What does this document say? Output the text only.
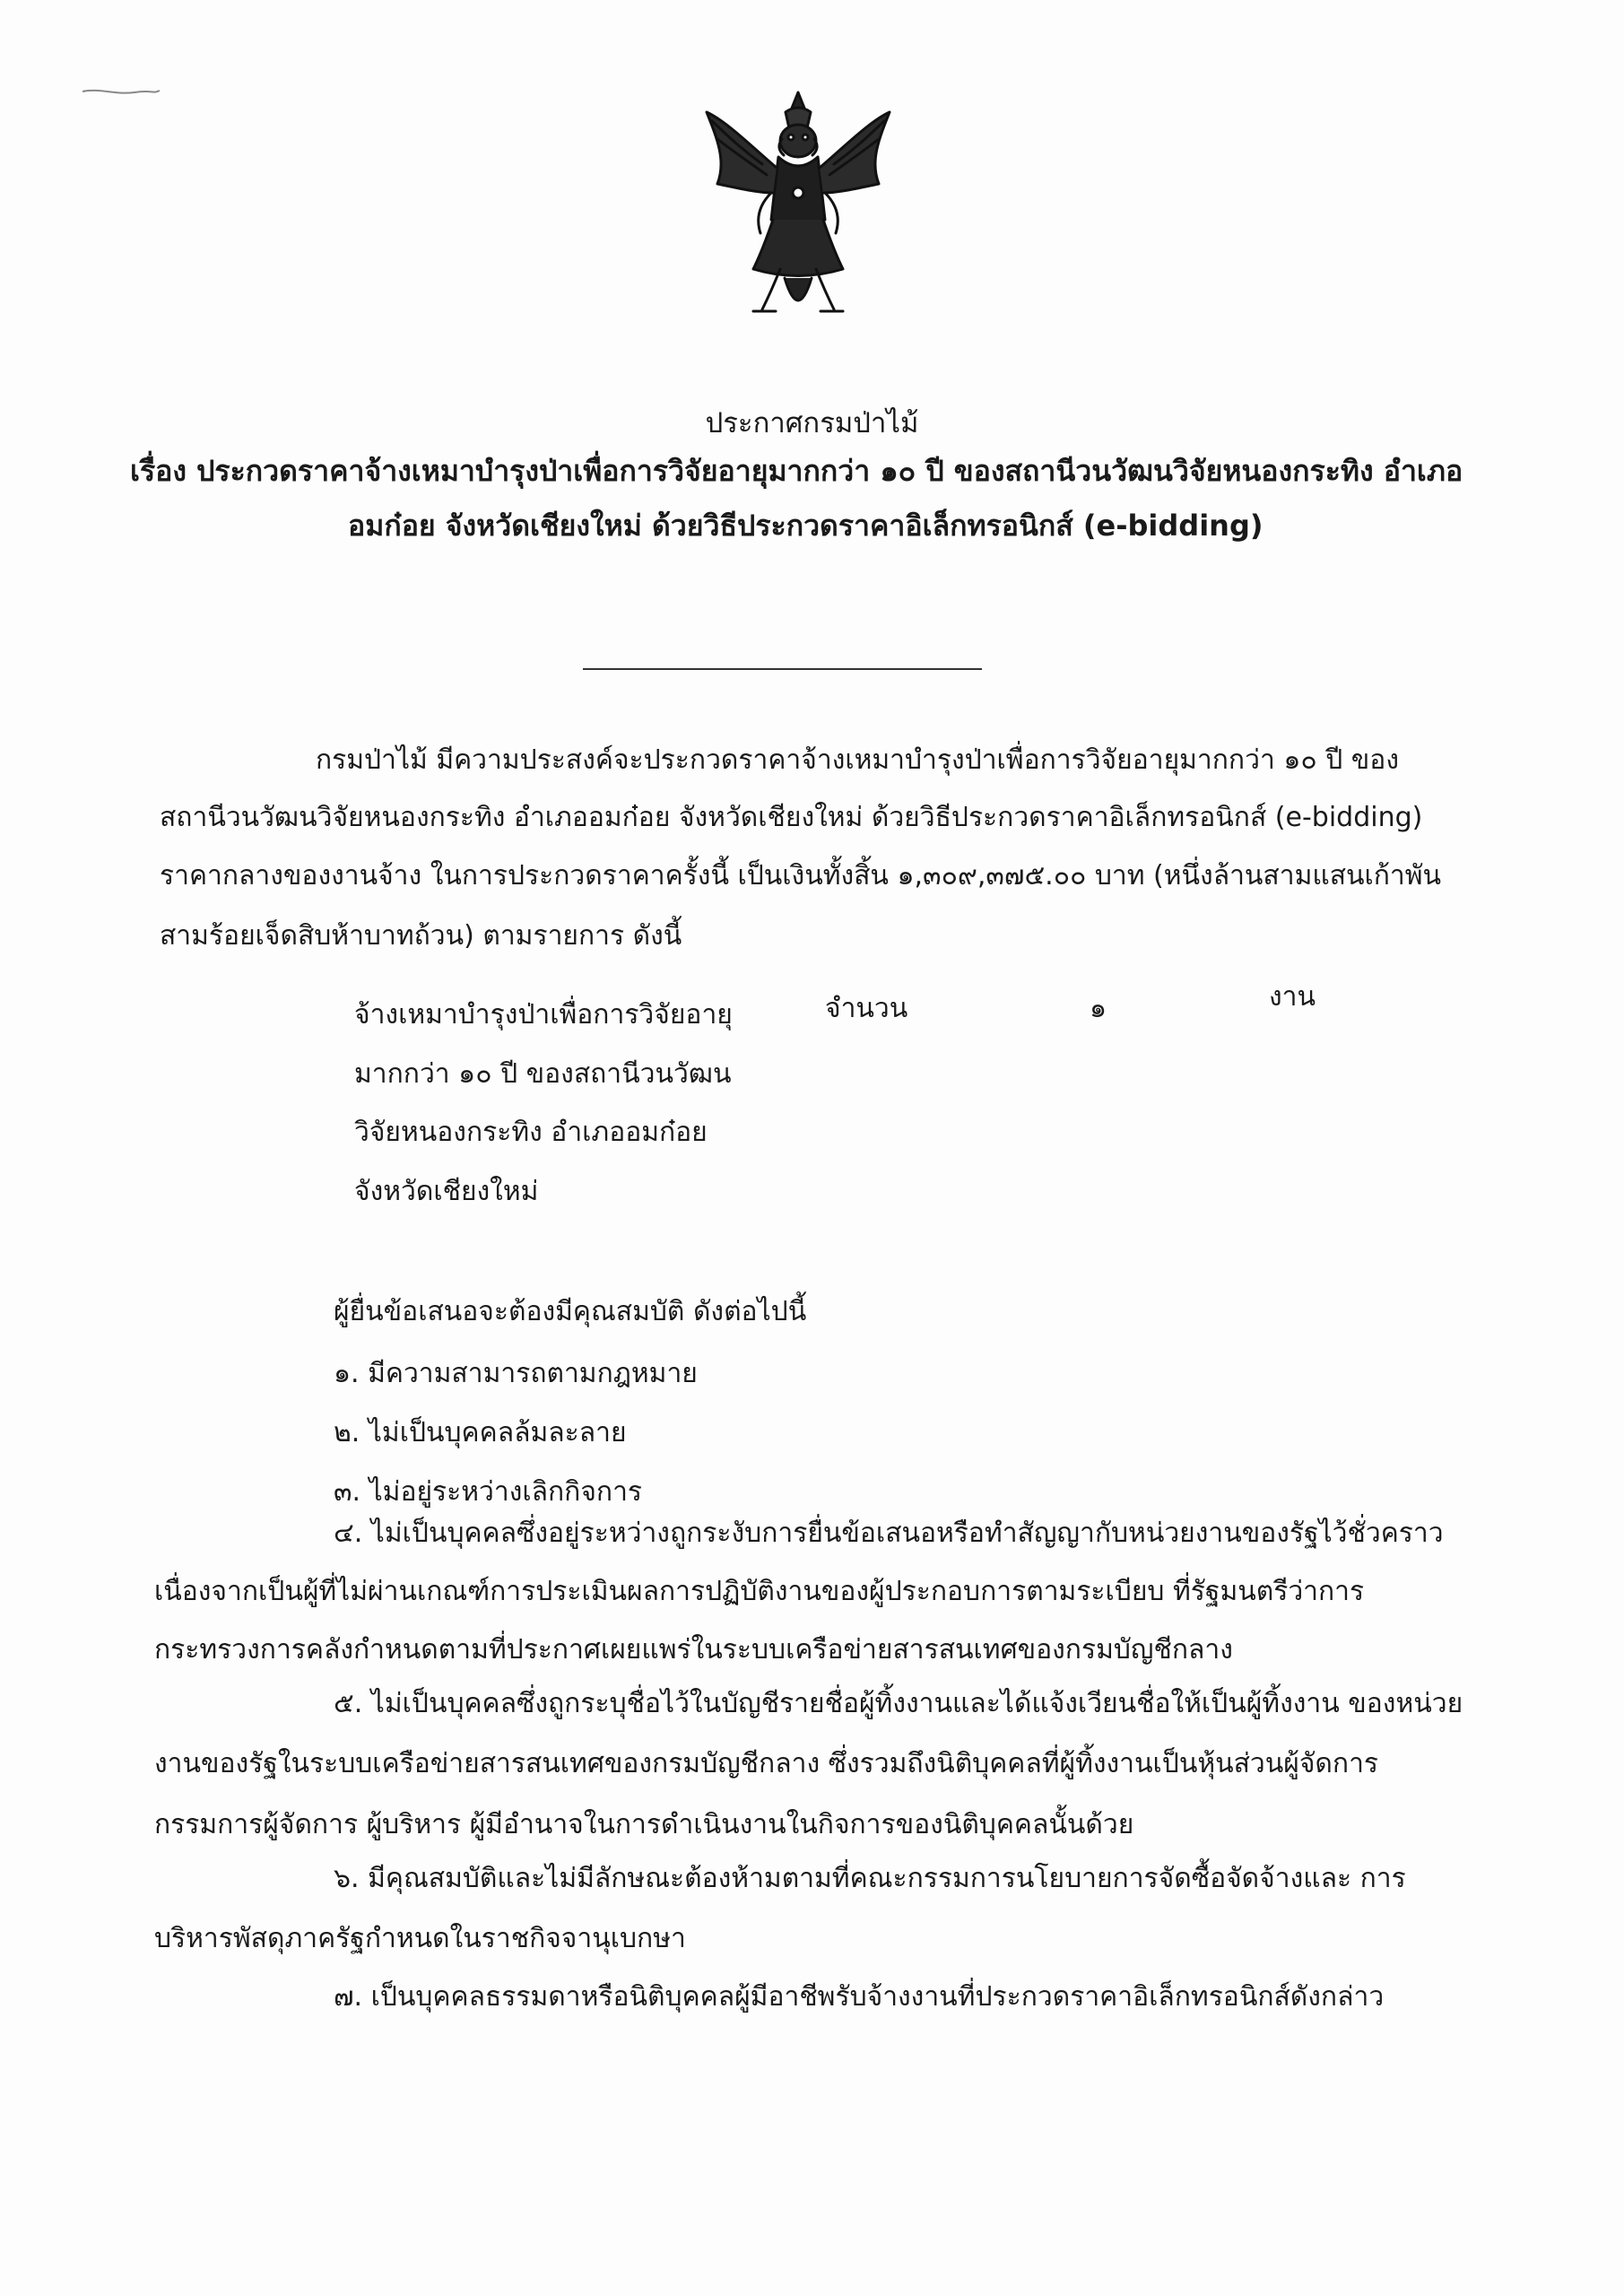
ประกาศกรมป่าไม้
เรื่อง ประกวดราคาจ้างเหมาบำรุงป่าเพื่อการวิจัยอายุมากกว่า ๑๐ ปี ของสถานีวนวัฒนวิจัยหนองกระทิง อำเภอ
อมก๋อย จังหวัดเชียงใหม่ ด้วยวิธีประกวดราคาอิเล็กทรอนิกส์ (e-bidding)
กรมป่าไม้ มีความประสงค์จะประกวดราคาจ้างเหมาบำรุงป่าเพื่อการวิจัยอายุมากกว่า ๑๐ ปี ของ
สถานีวนวัฒนวิจัยหนองกระทิง อำเภออมก๋อย จังหวัดเชียงใหม่ ด้วยวิธีประกวดราคาอิเล็กทรอนิกส์ (e-bidding)
ราคากลางของงานจ้าง ในการประกวดราคาครั้งนี้ เป็นเงินทั้งสิ้น ๑,๓๐๙,๓๗๕.๐๐ บาท (หนึ่งล้านสามแสนเก้าพัน
สามร้อยเจ็ดสิบห้าบาทถ้วน) ตามรายการ ดังนี้
จ้างเหมาบำรุงป่าเพื่อการวิจัยอายุ
มากกว่า ๑๐ ปี ของสถานีวนวัฒน
วิจัยหนองกระทิง อำเภออมก๋อย
จังหวัดเชียงใหม่
จำนวน	๑	งาน
ผู้ยื่นข้อเสนอจะต้องมีคุณสมบัติ ดังต่อไปนี้
๑. มีความสามารถตามกฎหมาย
๒. ไม่เป็นบุคคลล้มละลาย
๓. ไม่อยู่ระหว่างเลิกกิจการ
๔. ไม่เป็นบุคคลซึ่งอยู่ระหว่างถูกระงับการยื่นข้อเสนอหรือทำสัญญากับหน่วยงานของรัฐไว้ชั่วคราว
เนื่องจากเป็นผู้ที่ไม่ผ่านเกณฑ์การประเมินผลการปฏิบัติงานของผู้ประกอบการตามระเบียบ ที่รัฐมนตรีว่าการ
กระทรวงการคลังกำหนดตามที่ประกาศเผยแพร่ในระบบเครือข่ายสารสนเทศของกรมบัญชีกลาง
๕. ไม่เป็นบุคคลซึ่งถูกระบุชื่อไว้ในบัญชีรายชื่อผู้ทิ้งงานและได้แจ้งเวียนชื่อให้เป็นผู้ทิ้งงาน ของหน่วย
งานของรัฐในระบบเครือข่ายสารสนเทศของกรมบัญชีกลาง ซึ่งรวมถึงนิติบุคคลที่ผู้ทิ้งงานเป็นหุ้นส่วนผู้จัดการ
กรรมการผู้จัดการ ผู้บริหาร ผู้มีอำนาจในการดำเนินงานในกิจการของนิติบุคคลนั้นด้วย
๖. มีคุณสมบัติและไม่มีลักษณะต้องห้ามตามที่คณะกรรมการนโยบายการจัดซื้อจัดจ้างและ การ
บริหารพัสดุภาครัฐกำหนดในราชกิจจานุเบกษา
๗. เป็นบุคคลธรรมดาหรือนิติบุคคลผู้มีอาชีพรับจ้างงานที่ประกวดราคาอิเล็กทรอนิกส์ดังกล่าว
